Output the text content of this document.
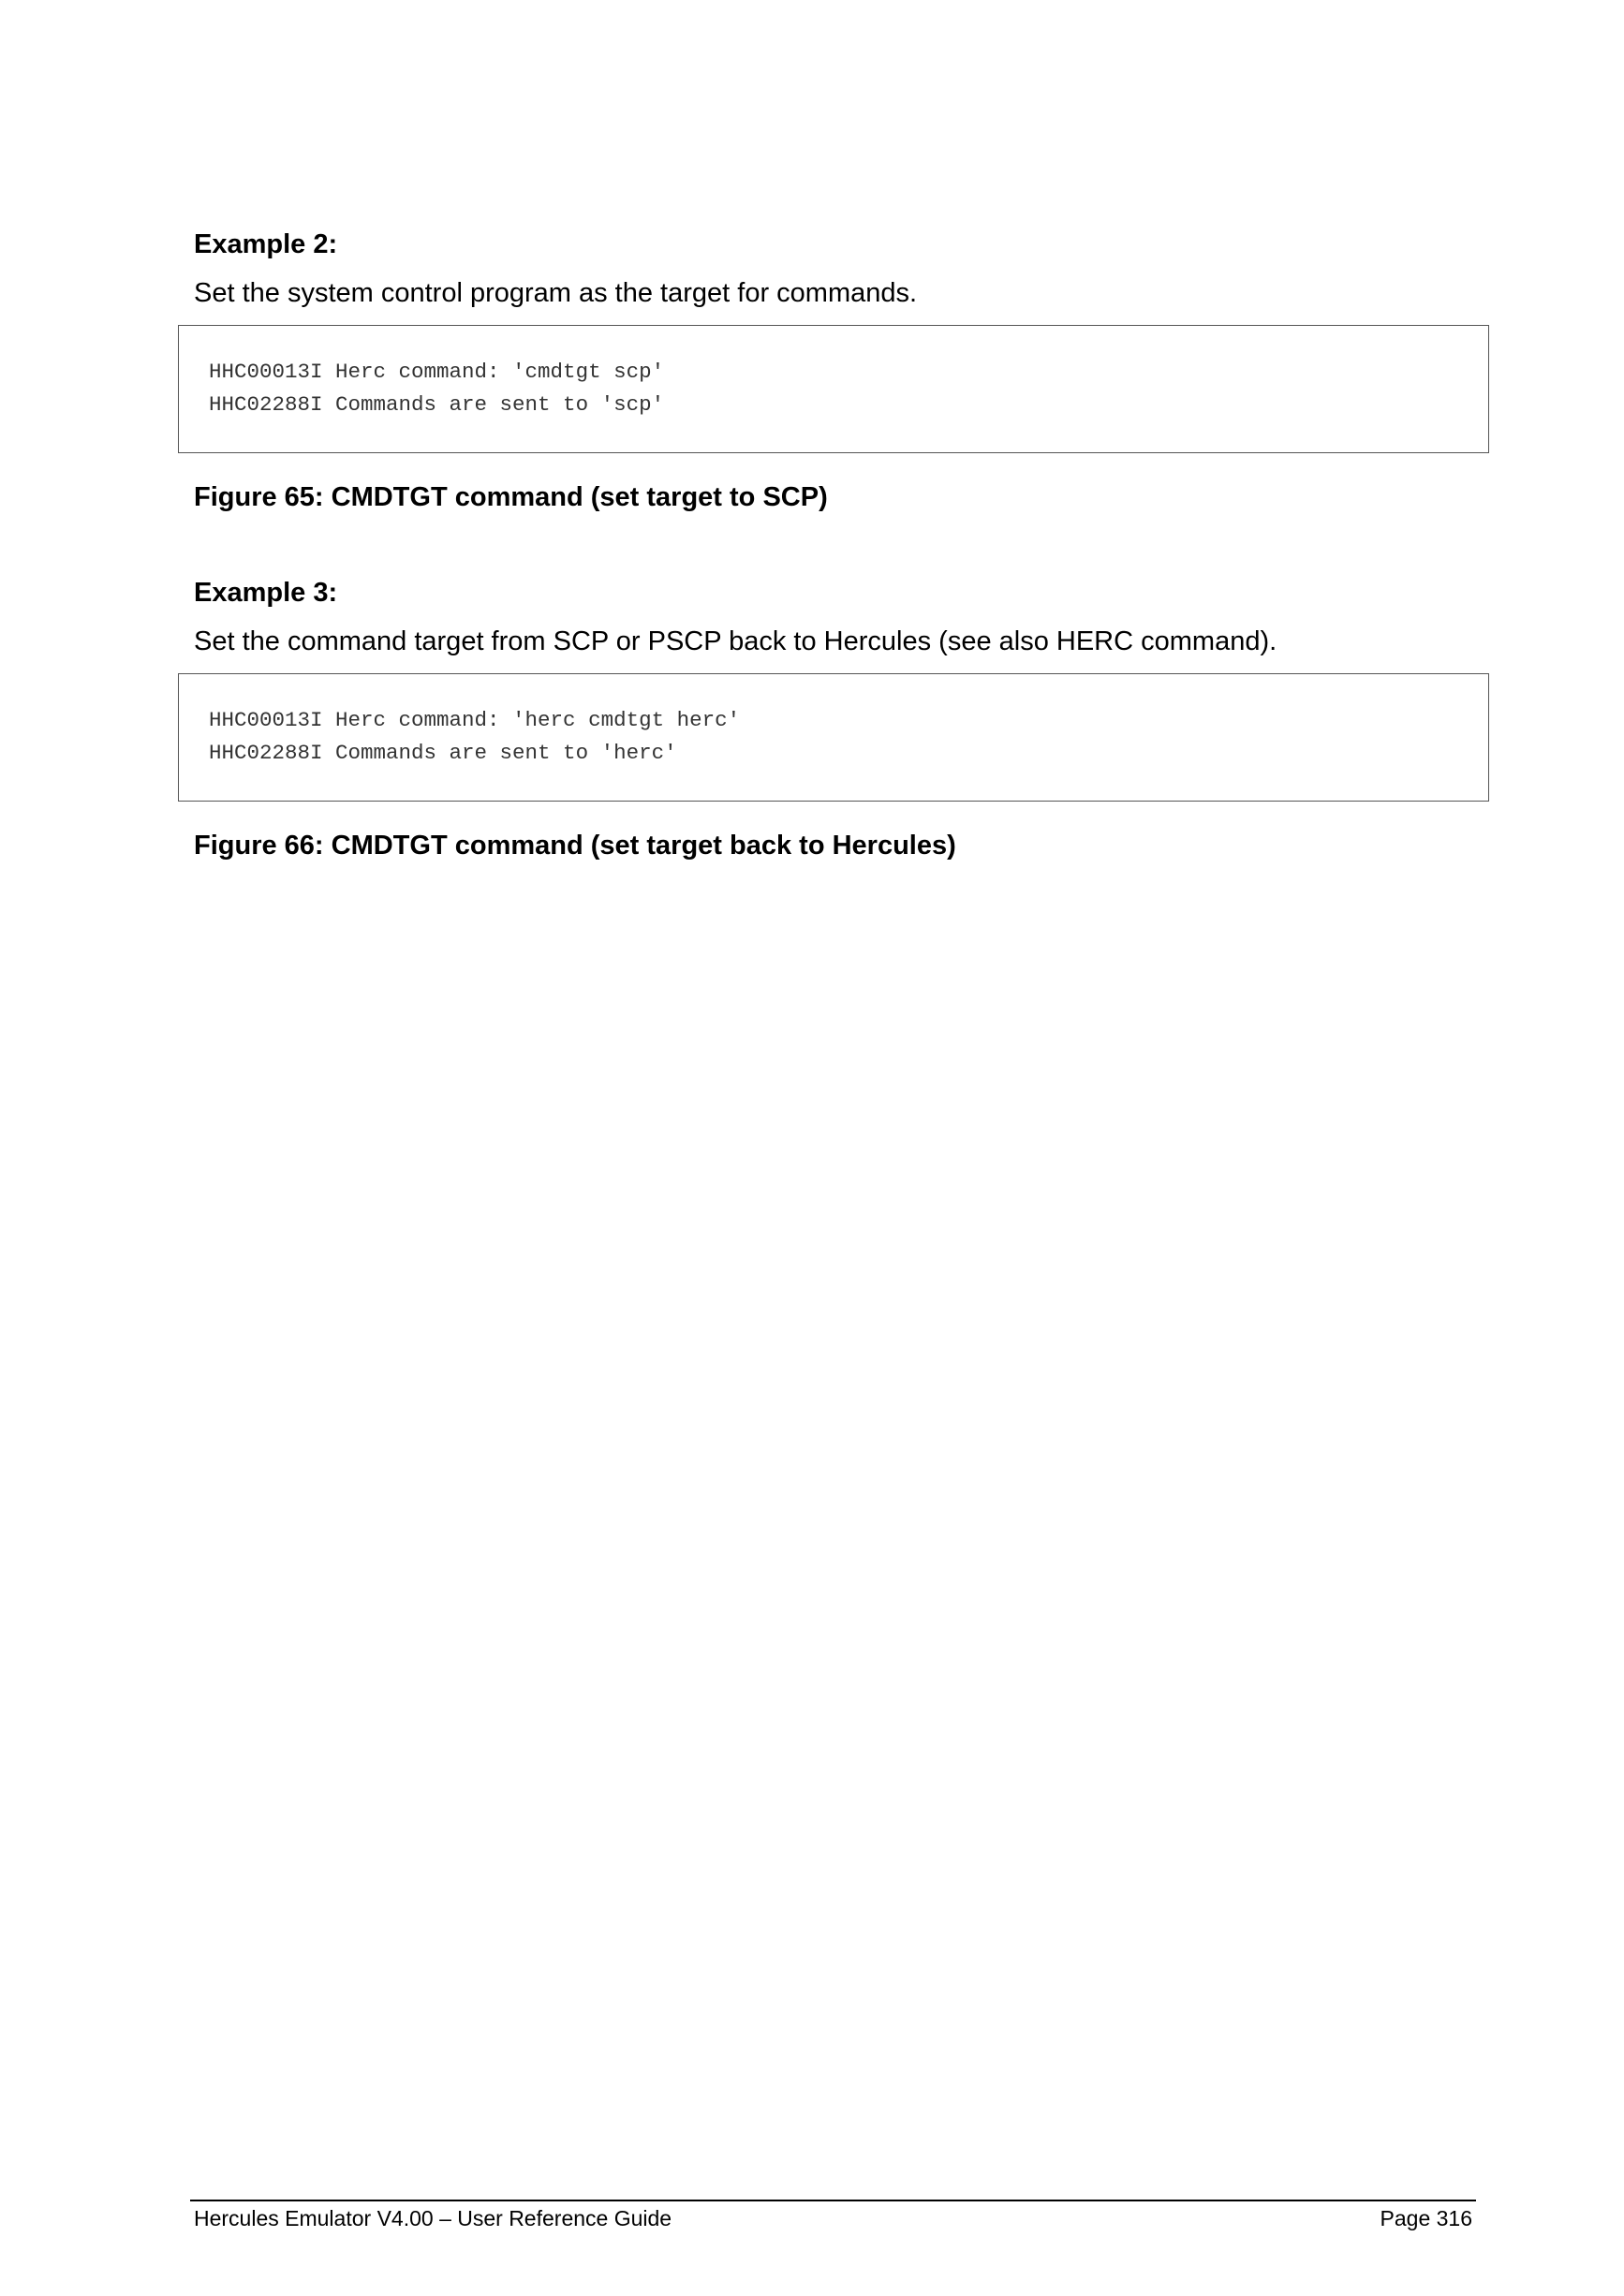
Example 2:
Set the system control program as the target for commands.
HHC00013I Herc command: 'cmdtgt scp'
HHC02288I Commands are sent to 'scp'
Figure 65: CMDTGT command (set target to SCP)
Example 3:
Set the command target from SCP or PSCP back to Hercules (see also HERC command).
HHC00013I Herc command: 'herc cmdtgt herc'
HHC02288I Commands are sent to 'herc'
Figure 66: CMDTGT command (set target back to Hercules)
Hercules Emulator V4.00 – User Reference Guide	Page 316
